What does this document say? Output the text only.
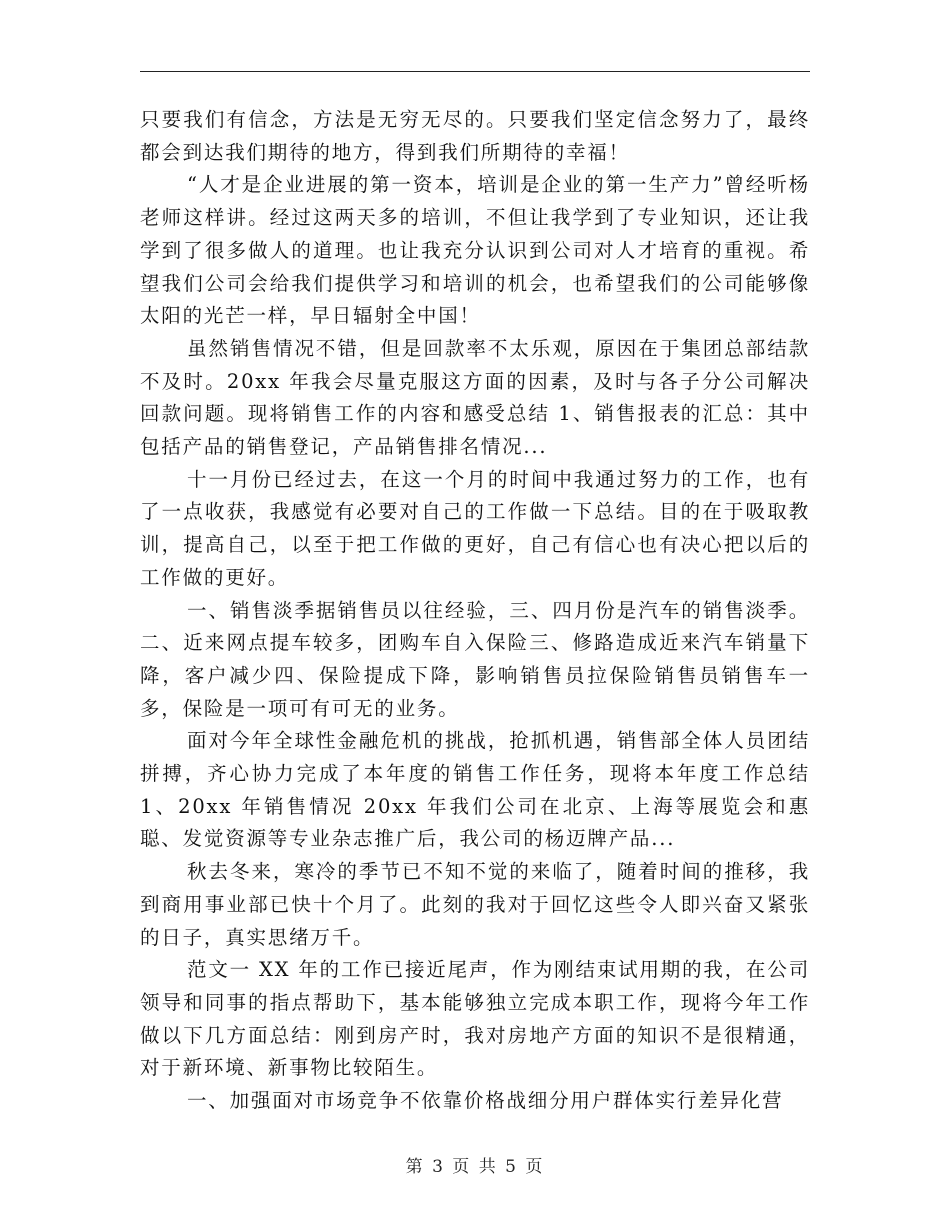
只要我们有信念，方法是无穷无尽的。只要我们坚定信念努力了，最终都会到达我们期待的地方，得到我们所期待的幸福！

“人才是企业进展的第一资本，培训是企业的第一生产力”曾经听杨老师这样讲。经过这两天多的培训，不但让我学到了专业知识，还让我学到了很多做人的道理。也让我充分认识到公司对人才培育的重视。希望我们公司会给我们提供学习和培训的机会，也希望我们的公司能够像太阳的光芒一样，早日辐射全中国！

虽然销售情况不错，但是回款率不太乐观，原因在于集团总部结款不及时。20xx 年我会尽量克服这方面的因素，及时与各子分公司解决回款问题。现将销售工作的内容和感受总结 1、销售报表的汇总：其中包括产品的销售登记，产品销售排名情况...

十一月份已经过去，在这一个月的时间中我通过努力的工作，也有了一点收获，我感觉有必要对自己的工作做一下总结。目的在于吸取教训，提高自己，以至于把工作做的更好，自己有信心也有决心把以后的工作做的更好。

一、销售淡季据销售员以往经验，三、四月份是汽车的销售淡季。二、近来网点提车较多，团购车自入保险三、修路造成近来汽车销量下降，客户减少四、保险提成下降，影响销售员拉保险销售员销售车一多，保险是一项可有可无的业务。

面对今年全球性金融危机的挑战，抢抓机遇，销售部全体人员团结拼搏，齐心协力完成了本年度的销售工作任务，现将本年度工作总结 1、20xx 年销售情况 20xx 年我们公司在北京、上海等展览会和惠聪、发觉资源等专业杂志推广后，我公司的杨迈牌产品...

秋去冬来，寒冷的季节已不知不觉的来临了，随着时间的推移，我到商用事业部已快十个月了。此刻的我对于回忆这些令人即兴奋又紧张的日子，真实思绪万千。

范文一 XX 年的工作已接近尾声，作为刚结束试用期的我，在公司领导和同事的指点帮助下，基本能够独立完成本职工作，现将今年工作做以下几方面总结：刚到房产时，我对房地产方面的知识不是很精通，对于新环境、新事物比较陌生。

一、加强面对市场竞争不依靠价格战细分用户群体实行差异化营

第 3 页 共 5 页
